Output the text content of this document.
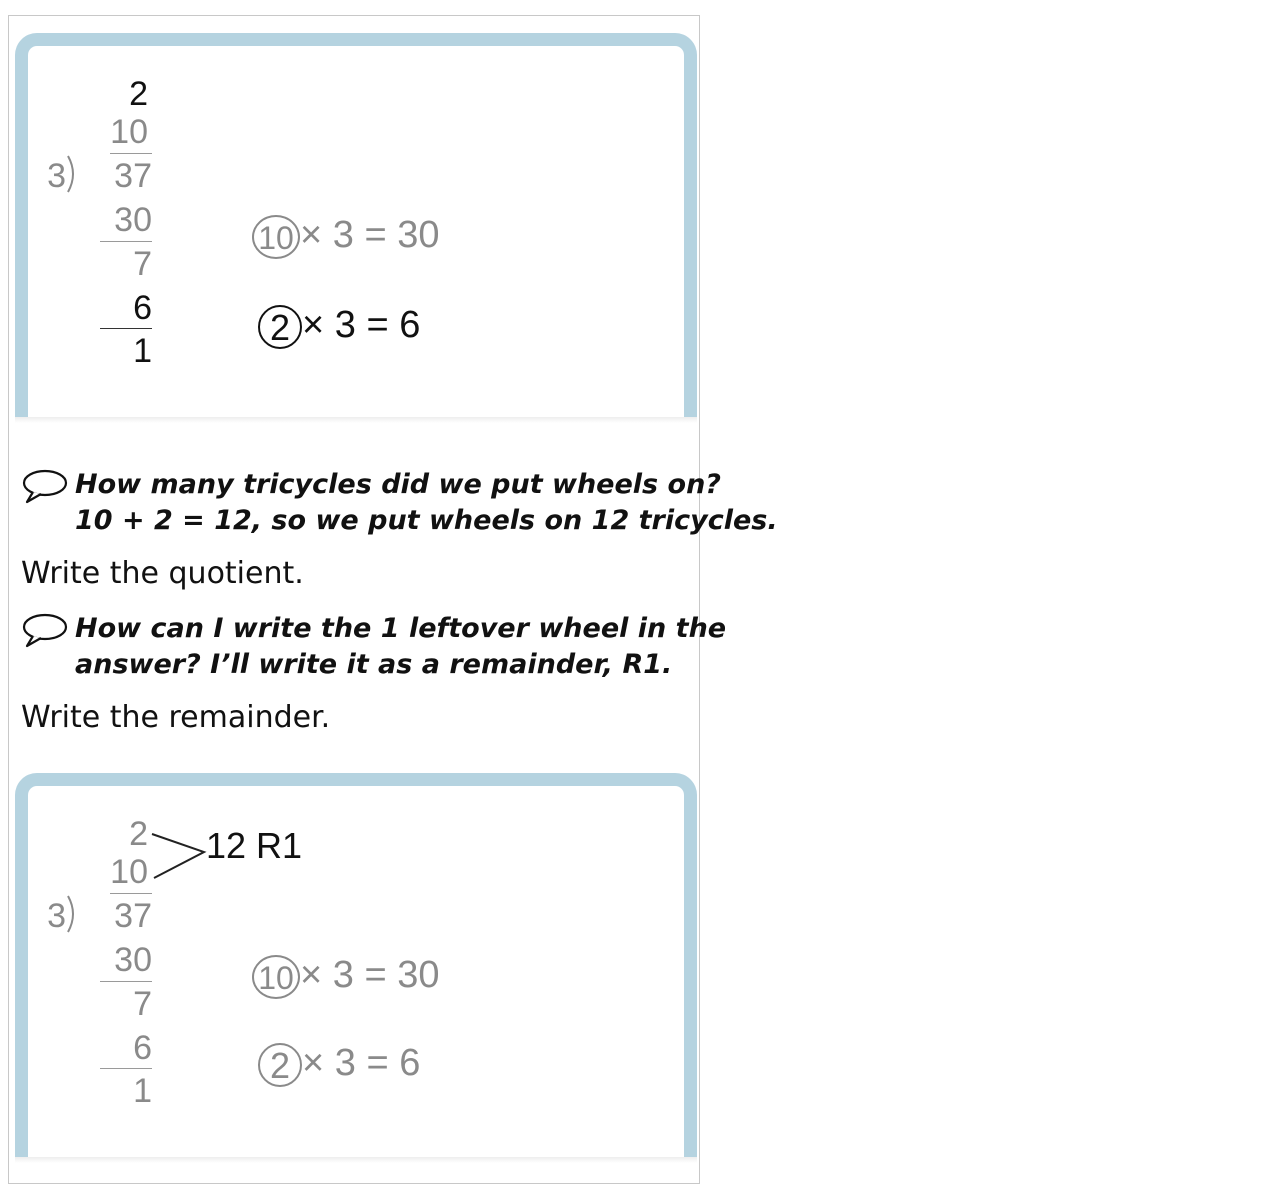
2
10
3	37
30
7
6
1
10 × 3 = 30
2 × 3 = 6
How many tricycles did we put wheels on?
10 + 2 = 12, so we put wheels on 12 tricycles.
Write the quotient.
How can I write the 1 leftover wheel in the
answer? I’ll write it as a remainder, R1.
Write the remainder.
2
10
12 R1
3	37
30
7
6
1
10 × 3 = 30
2 × 3 = 6
